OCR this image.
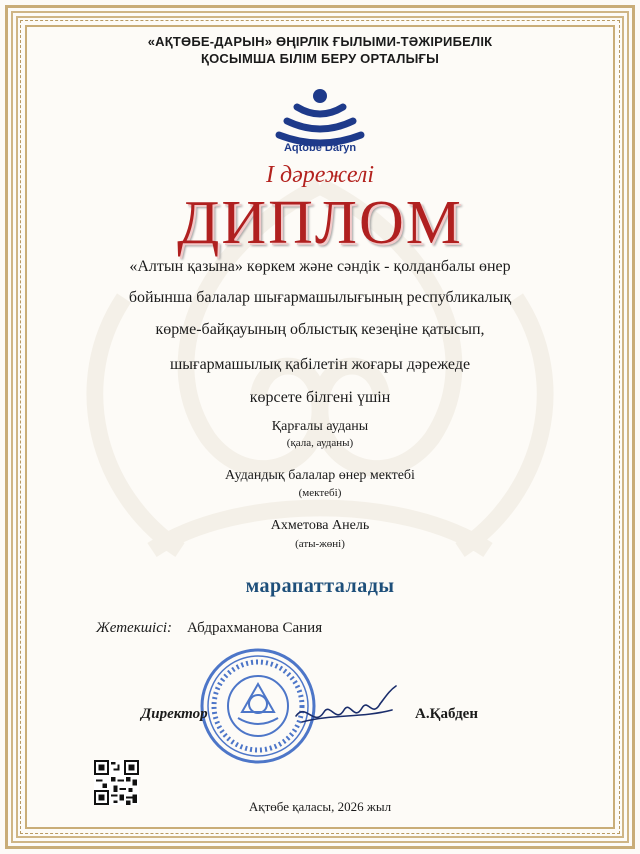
«АҚТӨБЕ-ДАРЫН» ӨҢІРЛІК ҒЫЛЫМИ-ТӘЖІРИБЕЛІК
ҚОСЫМША БІЛІМ БЕРУ ОРТАЛЫҒЫ
Aqtöbe Daryn
I дәрежелі
ДИПЛОМ
«Алтын қазына» көркем және сәндік - қолданбалы өнер
бойынша балалар шығармашылығының республикалық
көрме-байқауының облыстық кезеңіне қатысып,
шығармашылық қабілетін жоғары дәрежеде
көрсете білгені үшін
Қарғалы ауданы
(қала, ауданы)
Аудандық балалар өнер мектебі
(мектебі)
Ахметова Анель
(аты-жөні)
марапатталады
Жетекшісі: Абдрахманова Сания
Директор	А.Қабден
Ақтөбе қаласы, 2026 жыл
